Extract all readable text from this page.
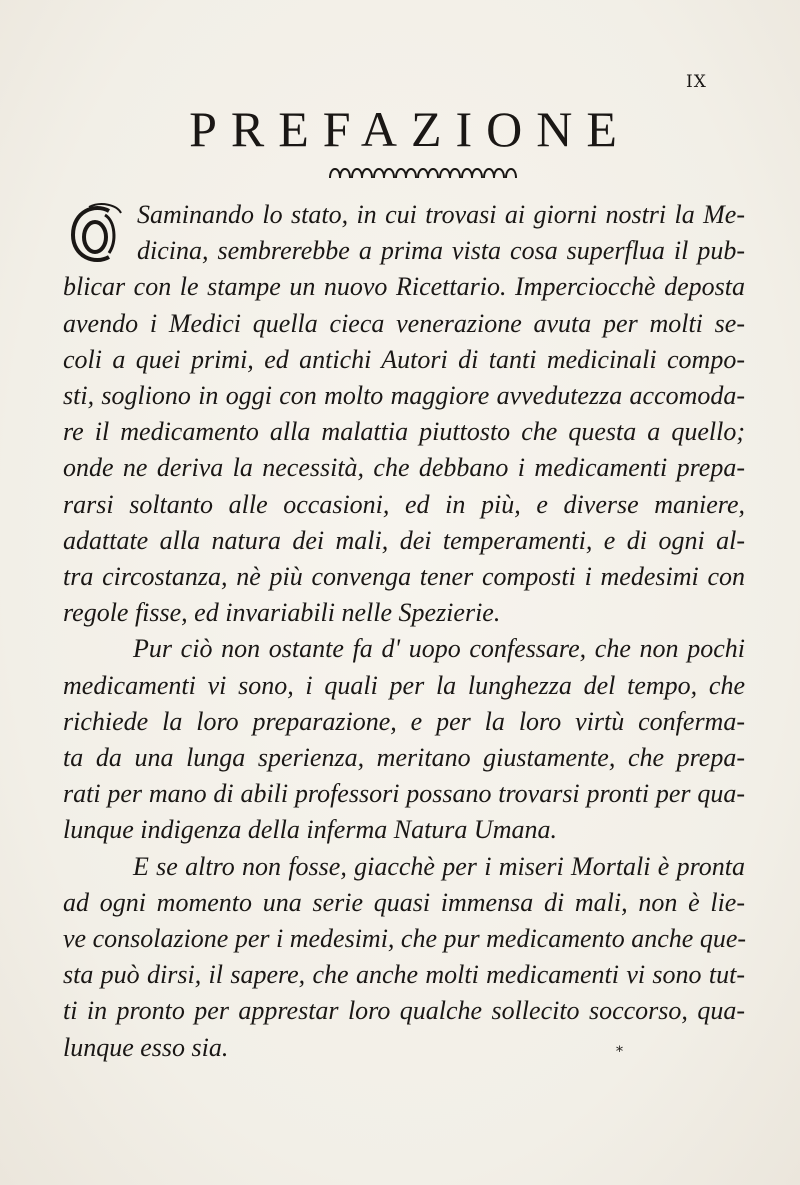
IX
PREFAZIONE
Saminando lo stato, in cui trovasi ai giorni nostri la Me-
dicina, sembrerebbe a prima vista cosa superflua il pub-
blicar con le stampe un nuovo Ricettario. Imperciocchè deposta
avendo i Medici quella cieca venerazione avuta per molti se-
coli a quei primi, ed antichi Autori di tanti medicinali compo-
sti, sogliono in oggi con molto maggiore avvedutezza accomoda-
re il medicamento alla malattia piuttosto che questa a quello;
onde ne deriva la necessità, che debbano i medicamenti prepa-
rarsi soltanto alle occasioni, ed in più, e diverse maniere,
adattate alla natura dei mali, dei temperamenti, e di ogni al-
tra circostanza, nè più convenga tener composti i medesimi con
regole fisse, ed invariabili nelle Spezierie.
Pur ciò non ostante fa d' uopo confessare, che non pochi
medicamenti vi sono, i quali per la lunghezza del tempo, che
richiede la loro preparazione, e per la loro virtù conferma-
ta da una lunga sperienza, meritano giustamente, che prepa-
rati per mano di abili professori possano trovarsi pronti per qua-
lunque indigenza della inferma Natura Umana.
E se altro non fosse, giacchè per i miseri Mortali è pronta
ad ogni momento una serie quasi immensa di mali, non è lie-
ve consolazione per i medesimi, che pur medicamento anche que-
sta può dirsi, il sapere, che anche molti medicamenti vi sono tut-
ti in pronto per apprestar loro qualche sollecito soccorso, qua-
lunque esso sia.	*
